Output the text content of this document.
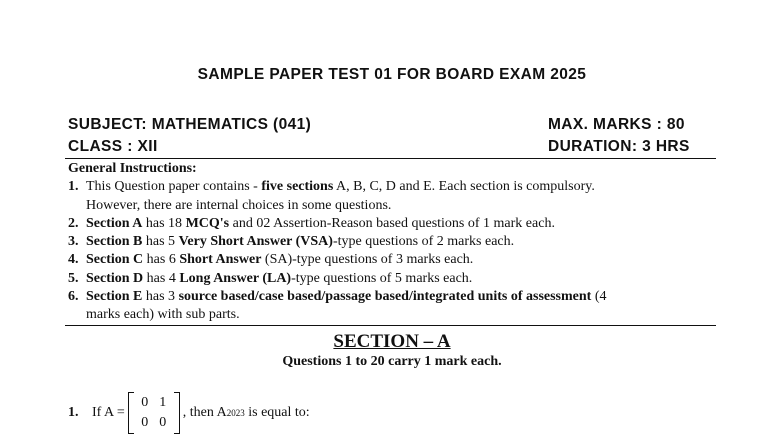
SAMPLE PAPER TEST 01 FOR BOARD EXAM 2025
SUBJECT: MATHEMATICS (041)	MAX. MARKS : 80
CLASS : XII	DURATION: 3 HRS
General Instructions:
1. This Question paper contains - five sections A, B, C, D and E. Each section is compulsory.
However, there are internal choices in some questions.
2. Section A has 18 MCQ's and 02 Assertion-Reason based questions of 1 mark each.
3. Section B has 5 Very Short Answer (VSA)-type questions of 2 marks each.
4. Section C has 6 Short Answer (SA)-type questions of 3 marks each.
5. Section D has 4 Long Answer (LA)-type questions of 5 marks each.
6. Section E has 3 source based/case based/passage based/integrated units of assessment (4
marks each) with sub parts.
SECTION – A
Questions 1 to 20 carry 1 mark each.
1. If A =
0 1
0 0
, then A 2023 is equal to:
